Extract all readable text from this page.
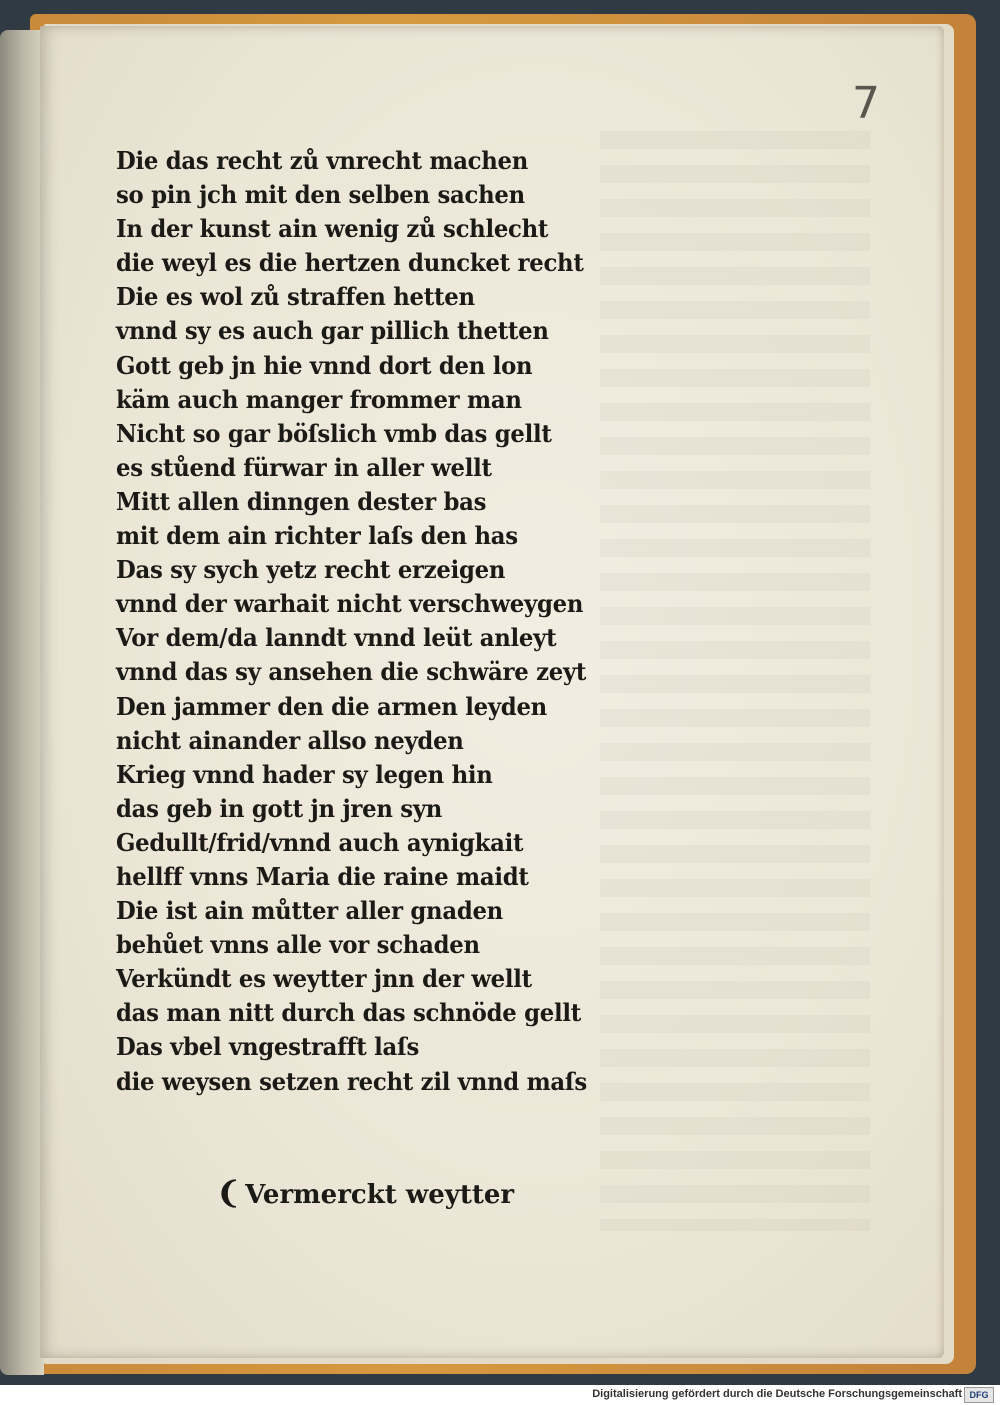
7
Die das recht zů vnrecht machen
so pin jch mit den selben sachen
In der kunst ain wenig zů schlecht
die weyl es die hertzen duncket recht
Die es wol zů straffen hetten
vnnd sy es auch gar pillich thetten
Gott geb jn hie vnnd dort den lon
käm auch manger frommer man
Nicht so gar böſslich vmb das gellt
es stůend fürwar in aller wellt
Mitt allen dinngen dester bas
mit dem ain richter laſs den has
Das sy sych yetz recht erzeigen
vnnd der warhait nicht verschweygen
Vor dem/da lanndt vnnd leüt anleyt
vnnd das sy ansehen die schwäre zeyt
Den jammer den die armen leyden
nicht ainander allso neyden
Krieg vnnd hader sy legen hin
das geb in gott jn jren syn
Gedullt/frid/vnnd auch aynigkait
hellff vnns Maria die raine maidt
Die ist ain můtter aller gnaden
behůet vnns alle vor schaden
Verkündt es weytter jnn der wellt
das man nitt durch das schnöde gellt
Das vbel vngestrafft laſs
die weysen setzen recht zil vnnd maſs
❨ Vermerckt weytter
Digitalisierung gefördert durch die Deutsche Forschungsgemeinschaft DFG
